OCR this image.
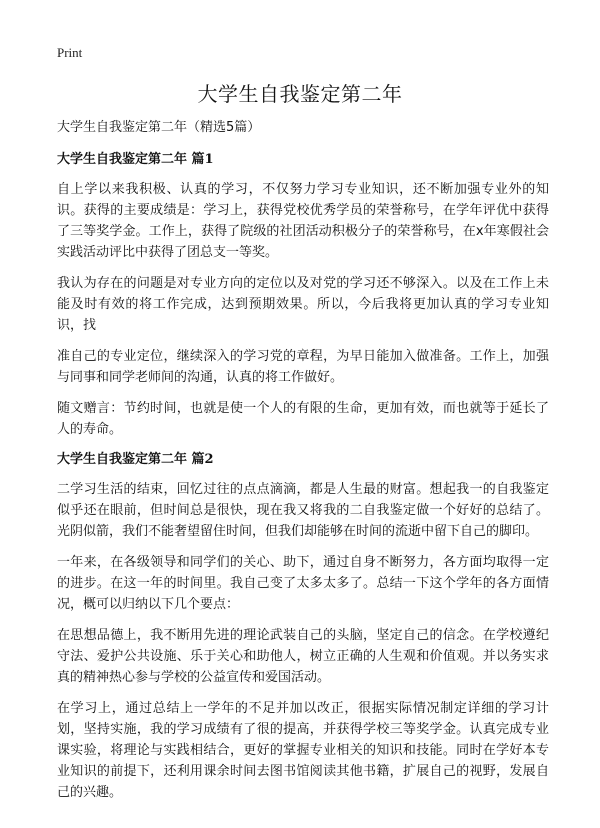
Print
大学生自我鉴定第二年

大学生自我鉴定第二年（精选5篇）

大学生自我鉴定第二年 篇1

自上学以来我积极、认真的学习，不仅努力学习专业知识，还不断加强专业外的知识。获得的主要成绩是：学习上，获得党校优秀学员的荣誉称号，在学年评优中获得了三等奖学金。工作上，获得了院级的社团活动积极分子的荣誉称号，在x年寒假社会实践活动评比中获得了团总支一等奖。

我认为存在的问题是对专业方向的定位以及对党的学习还不够深入。以及在工作上未能及时有效的将工作完成，达到预期效果。所以，今后我将更加认真的学习专业知识，找

准自己的专业定位，继续深入的学习党的章程，为早日能加入做准备。工作上，加强与同事和同学老师间的沟通，认真的将工作做好。

随文赠言：节约时间，也就是使一个人的有限的生命，更加有效，而也就等于延长了人的寿命。

大学生自我鉴定第二年 篇2

二学习生活的结束，回忆过往的点点滴滴，都是人生最的财富。想起我一的自我鉴定似乎还在眼前，但时间总是很快，现在我又将我的二自我鉴定做一个好好的总结了。光阴似箭，我们不能奢望留住时间，但我们却能够在时间的流逝中留下自己的脚印。

一年来，在各级领导和同学们的关心、助下，通过自身不断努力，各方面均取得一定的进步。在这一年的时间里。我自己变了太多太多了。总结一下这个学年的各方面情况，概可以归纳以下几个要点：

在思想品德上，我不断用先进的理论武装自己的头脑，坚定自己的信念。在学校遵纪守法、爱护公共设施、乐于关心和助他人，树立正确的人生观和价值观。并以务实求真的精神热心参与学校的公益宣传和爱国活动。

在学习上，通过总结上一学年的不足并加以改正，很据实际情况制定详细的学习计划，坚持实施，我的学习成绩有了很的提高，并获得学校三等奖学金。认真完成专业课实验，将理论与实践相结合，更好的掌握专业相关的知识和技能。同时在学好本专业知识的前提下，还利用课余时间去图书馆阅读其他书籍，扩展自己的视野，发展自己的兴趣。
